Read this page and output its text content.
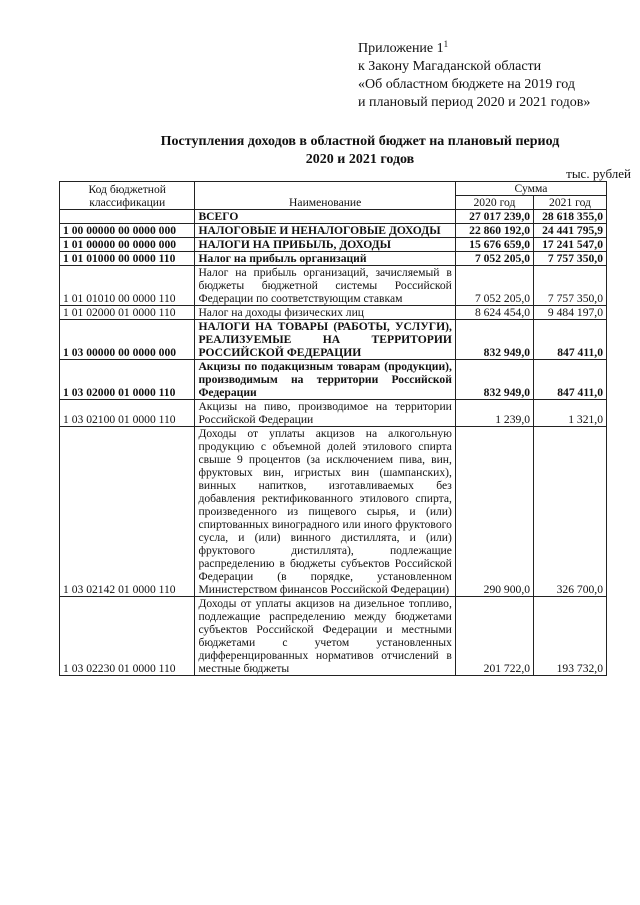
Приложение $1^1$
к Закону Магаданской области
«Об областном бюджете на 2019 год
и плановый период 2020 и 2021 годов»
Поступления доходов в областной бюджет на плановый период
2020 и 2021 годов
тыс. рублей
Код бюджетной классификации	Наименование	Сумма	
		2020 год	2021 год
	ВСЕГО	27 017 239,0	28 618 355,0
1 00 00000 00 0000 000	НАЛОГОВЫЕ И НЕНАЛОГОВЫЕ ДОХОДЫ	22 860 192,0	24 441 795,9
1 01 00000 00 0000 000	НАЛОГИ НА ПРИБЫЛЬ, ДОХОДЫ	15 676 659,0	17 241 547,0
1 01 01000 00 0000 110	Налог на прибыль организаций	7 052 205,0	7 757 350,0
1 01 01010 00 0000 110	Налог на прибыль организаций, зачисляемый в бюджеты бюджетной системы Российской Федерации по соответствующим ставкам	7 052 205,0	7 757 350,0
1 01 02000 01 0000 110	Налог на доходы физических лиц	8 624 454,0	9 484 197,0
1 03 00000 00 0000 000	НАЛОГИ НА ТОВАРЫ (РАБОТЫ, УСЛУГИ), РЕАЛИЗУЕМЫЕ НА ТЕРРИТОРИИ РОССИЙСКОЙ ФЕДЕРАЦИИ	832 949,0	847 411,0
1 03 02000 01 0000 110	Акцизы по подакцизным товарам (продукции), производимым на территории Российской Федерации	832 949,0	847 411,0
1 03 02100 01 0000 110	Акцизы на пиво, производимое на территории Российской Федерации	1 239,0	1 321,0
1 03 02142 01 0000 110	Доходы от уплаты акцизов на алкогольную продукцию с объемной долей этилового спирта свыше 9 процентов (за исключением пива, вин, фруктовых вин, игристых вин (шампанских), винных напитков, изготавливаемых без добавления ректификованного этилового спирта, произведенного из пищевого сырья, и (или) спиртованных виноградного или иного фруктового сусла, и (или) винного дистиллята, и (или) фруктового дистиллята), подлежащие распределению в бюджеты субъектов Российской Федерации (в порядке, установленном Министерством финансов Российской Федерации)	290 900,0	326 700,0
1 03 02230 01 0000 110	Доходы от уплаты акцизов на дизельное топливо, подлежащие распределению между бюджетами субъектов Российской Федерации и местными бюджетами с учетом установленных дифференцированных нормативов отчислений в местные бюджеты	201 722,0	193 732,0
